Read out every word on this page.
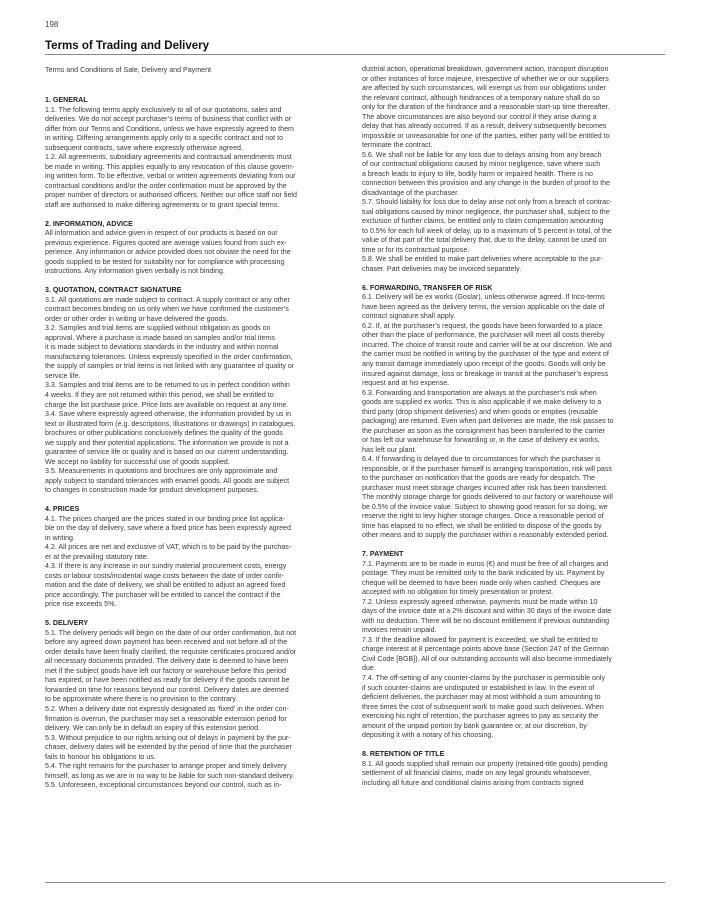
198
Terms of Trading and Delivery
Terms and Conditions of Sale, Delivery and Payment
1. GENERAL
1.1. The following terms apply exclusively to all of our quotations, sales and
deliveries. We do not accept purchaser’s terms of business that conflict with or
differ from our Terms and Conditions, unless we have expressly agreed to them
in writing. Differing arrangements apply only to a specific contract and not to
subsequent contracts, save where expressly otherwise agreed.
1.2. All agreements, subsidiary agreements and contractual amendments must
be made in writing. This applies equally to any revocation of this clause govern-
ing written form. To be effective, verbal or written agreements deviating from our
contractual conditions and/or the order confirmation must be approved by the
proper number of directors or authorised officers. Neither our office staff nor field
staff are authorised to make differing agreements or to grant special terms.
2. INFORMATION, ADVICE
All information and advice given in respect of our products is based on our
previous experience. Figures quoted are average values found from such ex-
perience. Any information or advice provided does not obviate the need for the
goods supplied to be tested for suitability nor for compliance with processing
instructions. Any information given verbally is not binding.
3. QUOTATION, CONTRACT SIGNATURE
3.1. All quotations are made subject to contract. A supply contract or any other
contract becomes binding on us only when we have confirmed the customer’s
order or other order in writing or have delivered the goods.
3.2. Samples and trial items are supplied without obligation as goods on
approval. Where a purchase is made based on samples and/or trial items
it is made subject to deviations standards in the industry and within normal
manufacturing tolerances. Unless expressly specified in the order confirmation,
the supply of samples or trial items is not linked with any guarantee of quality or
service life.
3.3. Samples and trial items are to be returned to us in perfect condition within
4 weeks. If they are not returned within this period, we shall be entitled to
charge the list purchase price. Price lists are available on request at any time.
3.4. Save where expressly agreed otherwise, the information provided by us in
text or illustrated form (e.g. descriptions, illustrations or drawings) in catalogues,
brochures or other publications conclusively defines the quality of the goods
we supply and their potential applications. The information we provide is not a
guarantee of service life or quality and is based on our current understanding.
We accept no liability for successful use of goods supplied.
3.5. Measurements in quotations and brochures are only approximate and
apply subject to standard tolerances with enamel goods. All goods are subject
to changes in construction made for product development purposes.
4. PRICES
4.1. The prices charged are the prices stated in our binding price list applica-
ble on the day of delivery, save where a fixed price has been expressly agreed
in writing.
4.2. All prices are net and exclusive of VAT, which is to be paid by the purchas-
er at the prevailing statutory rate.
4.3. If there is any increase in our sundry material procurement costs, energy
costs or labour costs/incidental wage costs between the date of order confir-
mation and the date of delivery, we shall be entitled to adjust an agreed fixed
price accordingly. The purchaser will be entitled to cancel the contract if the
price rise exceeds 5%.
5. DELIVERY
5.1. The delivery periods will begin on the date of our order confirmation, but not
before any agreed down payment has been received and not before all of the
order details have been finally clarified, the requisite certificates procured and/or
all necessary documents provided. The delivery date is deemed to have been
met if the subject goods have left our factory or warehouse before this period
has expired, or have been notified as ready for delivery if the goods cannot be
forwarded on time for reasons beyond our control. Delivery dates are deemed
to be approximate where there is no provision to the contrary.
5.2. When a delivery date not expressly designated as ‘fixed’ in the order con-
firmation is overrun, the purchaser may set a reasonable extension period for
delivery. We can only be in default on expiry of this extension period.
5.3. Without prejudice to our rights arising out of delays in payment by the pur-
chaser, delivery dates will be extended by the period of time that the purchaser
fails to honour his obligations to us.
5.4. The right remains for the purchaser to arrange proper and timely delivery
himself, as long as we are in no way to be liable for such non-standard delivery.
5.5. Unforeseen, exceptional circumstances beyond our control, such as in-
dustrial action, operational breakdown, government action, transport disruption
or other instances of force majeure, irrespective of whether we or our suppliers
are affected by such circumstances, will exempt us from our obligations under
the relevant contract, although hindrances of a temporary nature shall do so
only for the duration of the hindrance and a reasonable start-up time thereafter.
The above circumstances are also beyond our control if they arise during a
delay that has already occurred. If as a result, delivery subsequently becomes
impossible or unreasonable for one of the parties, either party will be entitled to
terminate the contract.
5.6. We shall not be liable for any loss due to delays arising from any breach
of our contractual obligations caused by minor negligence, save where such
a breach leads to injury to life, bodily harm or impaired health. There is no
connection between this provision and any change in the burden of proof to the
disadvantage of the purchaser.
5.7. Should liability for loss due to delay arise not only from a breach of contrac-
tual obligations caused by minor negligence, the purchaser shall, subject to the
exclusion of further claims, be entitled only to claim compensation amounting
to 0.5% for each full week of delay, up to a maximum of 5 percent in total, of the
value of that part of the total delivery that, due to the delay, cannot be used on
time or for its contractual purpose.
5.8. We shall be entitled to make part deliveries where acceptable to the pur-
chaser. Part deliveries may be invoiced separately.
6. FORWARDING, TRANSFER OF RISK
6.1. Delivery will be ex works (Goslar), unless otherwise agreed. If Inco-terms
have been agreed as the delivery terms, the version applicable on the date of
contract signature shall apply.
6.2. If, at the purchaser’s request, the goods have been forwarded to a place
other than the place of performance, the purchaser will meet all costs thereby
incurred. The choice of transit route and carrier will be at our discretion. We and
the carrier must be notified in writing by the purchaser of the type and extent of
any transit damage immediately upon receipt of the goods. Goods will only be
insured against damage, loss or breakage in transit at the purchaser’s express
request and at his expense.
6.3. Forwarding and transportation are always at the purchaser’s risk when
goods are supplied ex works. This is also applicable if we make delivery to a
third party (drop shipment deliveries) and when goods or empties (reusable
packaging) are returned. Even when part deliveries are made, the risk passes to
the purchaser as soon as the consignment has been transferred to the carrier
or has left our warehouse for forwarding or, in the case of delivery ex works,
has left our plant.
6.4. If forwarding is delayed due to circumstances for which the purchaser is
responsible, or if the purchaser himself is arranging transportation, risk will pass
to the purchaser on notification that the goods are ready for despatch. The
purchaser must meet storage charges incurred after risk has been transferred.
The monthly storage charge for goods delivered to our factory or warehouse will
be 0.5% of the invoice value. Subject to showing good reason for so doing, we
reserve the right to levy higher storage charges. Once a reasonable period of
time has elapsed to no effect, we shall be entitled to dispose of the goods by
other means and to supply the purchaser within a reasonably extended period.
7. PAYMENT
7.1. Payments are to be made in euros (€) and must be free of all charges and
postage. They must be remitted only to the bank indicated by us. Payment by
cheque will be deemed to have been made only when cashed. Cheques are
accepted with no obligation for timely presentation or protest.
7.2. Unless expressly agreed otherwise, payments must be made within 10
days of the invoice date at a 2% discount and within 30 days of the invoice date
with no deduction. There will be no discount entitlement if previous outstanding
invoices remain unpaid.
7.3. If the deadline allowed for payment is exceeded, we shall be entitled to
charge interest at 8 percentage points above base (Section 247 of the German
Civil Code [BGB]). All of our outstanding accounts will also become immediately
due.
7.4. The off-setting of any counter-claims by the purchaser is permissible only
if such counter-claims are undisputed or established in law. In the event of
deficient deliveries, the purchaser may at most withhold a sum amounting to
three times the cost of subsequent work to make good such deliveries. When
exercising his right of retention, the purchaser agrees to pay as security the
amount of the unpaid portion by bank guarantee or, at our discretion, by
depositing it with a notary of his choosing.
8. RETENTION OF TITLE
8.1. All goods supplied shall remain our property (retained-title goods) pending
settlement of all financial claims, made on any legal grounds whatsoever,
including all future and conditional claims arising from contracts signed
